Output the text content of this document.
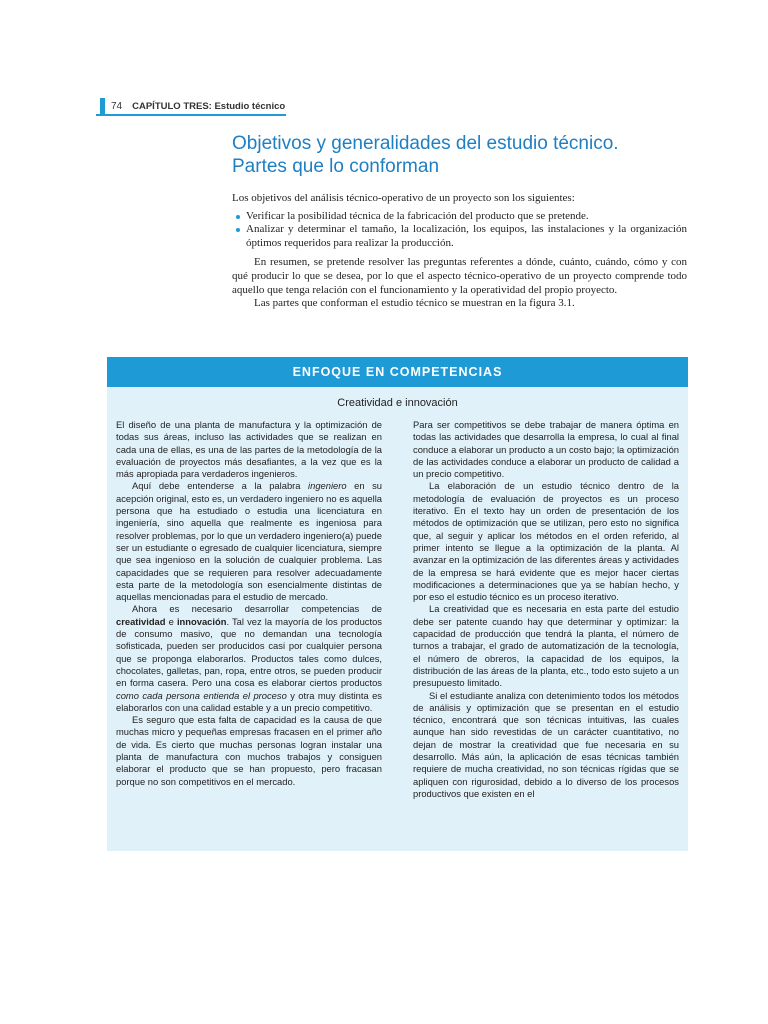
74 CAPÍTULO TRES: Estudio técnico
Objetivos y generalidades del estudio técnico. Partes que lo conforman

Los objetivos del análisis técnico-operativo de un proyecto son los siguientes:

Verificar la posibilidad técnica de la fabricación del producto que se pretende.
Analizar y determinar el tamaño, la localización, los equipos, las instalaciones y la organización óptimos requeridos para realizar la producción.

En resumen, se pretende resolver las preguntas referentes a dónde, cuánto, cuándo, cómo y con qué producir lo que se desea, por lo que el aspecto técnico-operativo de un proyecto comprende todo aquello que tenga relación con el funcionamiento y la operatividad del propio proyecto.

Las partes que conforman el estudio técnico se muestran en la figura 3.1.

ENFOQUE EN COMPETENCIAS
Creatividad e innovación

El diseño de una planta de manufactura y la optimización de todas sus áreas, incluso las actividades que se realizan en cada una de ellas, es una de las partes de la metodología de la evaluación de proyectos más desafiantes, a la vez que es la más apropiada para verdaderos ingenieros.

Aquí debe entenderse a la palabra ingeniero en su acepción original, esto es, un verdadero ingeniero no es aquella persona que ha estudiado o estudia una licenciatura en ingeniería, sino aquella que realmente es ingeniosa para resolver problemas, por lo que un verdadero ingeniero(a) puede ser un estudiante o egresado de cualquier licenciatura, siempre que sea ingenioso en la solución de cualquier problema. Las capacidades que se requieren para resolver adecuadamente esta parte de la metodología son esencialmente distintas de aquellas mencionadas para el estudio de mercado.

Ahora es necesario desarrollar competencias de creatividad e innovación. Tal vez la mayoría de los productos de consumo masivo, que no demandan una tecnología sofisticada, pueden ser producidos casi por cualquier persona que se proponga elaborarlos. Productos tales como dulces, chocolates, galletas, pan, ropa, entre otros, se pueden producir en forma casera. Pero una cosa es elaborar ciertos productos como cada persona entienda el proceso y otra muy distinta es elaborarlos con una calidad estable y a un precio competitivo.

Es seguro que esta falta de capacidad es la causa de que muchas micro y pequeñas empresas fracasen en el primer año de vida. Es cierto que muchas personas logran instalar una planta de manufactura con muchos trabajos y consiguen elaborar el producto que se han propuesto, pero fracasan porque no son competitivos en el mercado.

Para ser competitivos se debe trabajar de manera óptima en todas las actividades que desarrolla la empresa, lo cual al final conduce a elaborar un producto a un costo bajo; la optimización de las actividades conduce a elaborar un producto de calidad a un precio competitivo.

La elaboración de un estudio técnico dentro de la metodología de evaluación de proyectos es un proceso iterativo. En el texto hay un orden de presentación de los métodos de optimización que se utilizan, pero esto no significa que, al seguir y aplicar los métodos en el orden referido, al primer intento se llegue a la optimización de la planta. Al avanzar en la optimización de las diferentes áreas y actividades de la empresa se hará evidente que es mejor hacer ciertas modificaciones a determinaciones que ya se habían hecho, y por eso el estudio técnico es un proceso iterativo.

La creatividad que es necesaria en esta parte del estudio debe ser patente cuando hay que determinar y optimizar: la capacidad de producción que tendrá la planta, el número de turnos a trabajar, el grado de automatización de la tecnología, el número de obreros, la capacidad de los equipos, la distribución de las áreas de la planta, etc., todo esto sujeto a un presupuesto limitado.

Si el estudiante analiza con detenimiento todos los métodos de análisis y optimización que se presentan en el estudio técnico, encontrará que son técnicas intuitivas, las cuales aunque han sido revestidas de un carácter cuantitativo, no dejan de mostrar la creatividad que fue necesaria en su desarrollo. Más aún, la aplicación de esas técnicas también requiere de mucha creatividad, no son técnicas rígidas que se apliquen con rigurosidad, debido a lo diverso de los procesos productivos que existen en el
